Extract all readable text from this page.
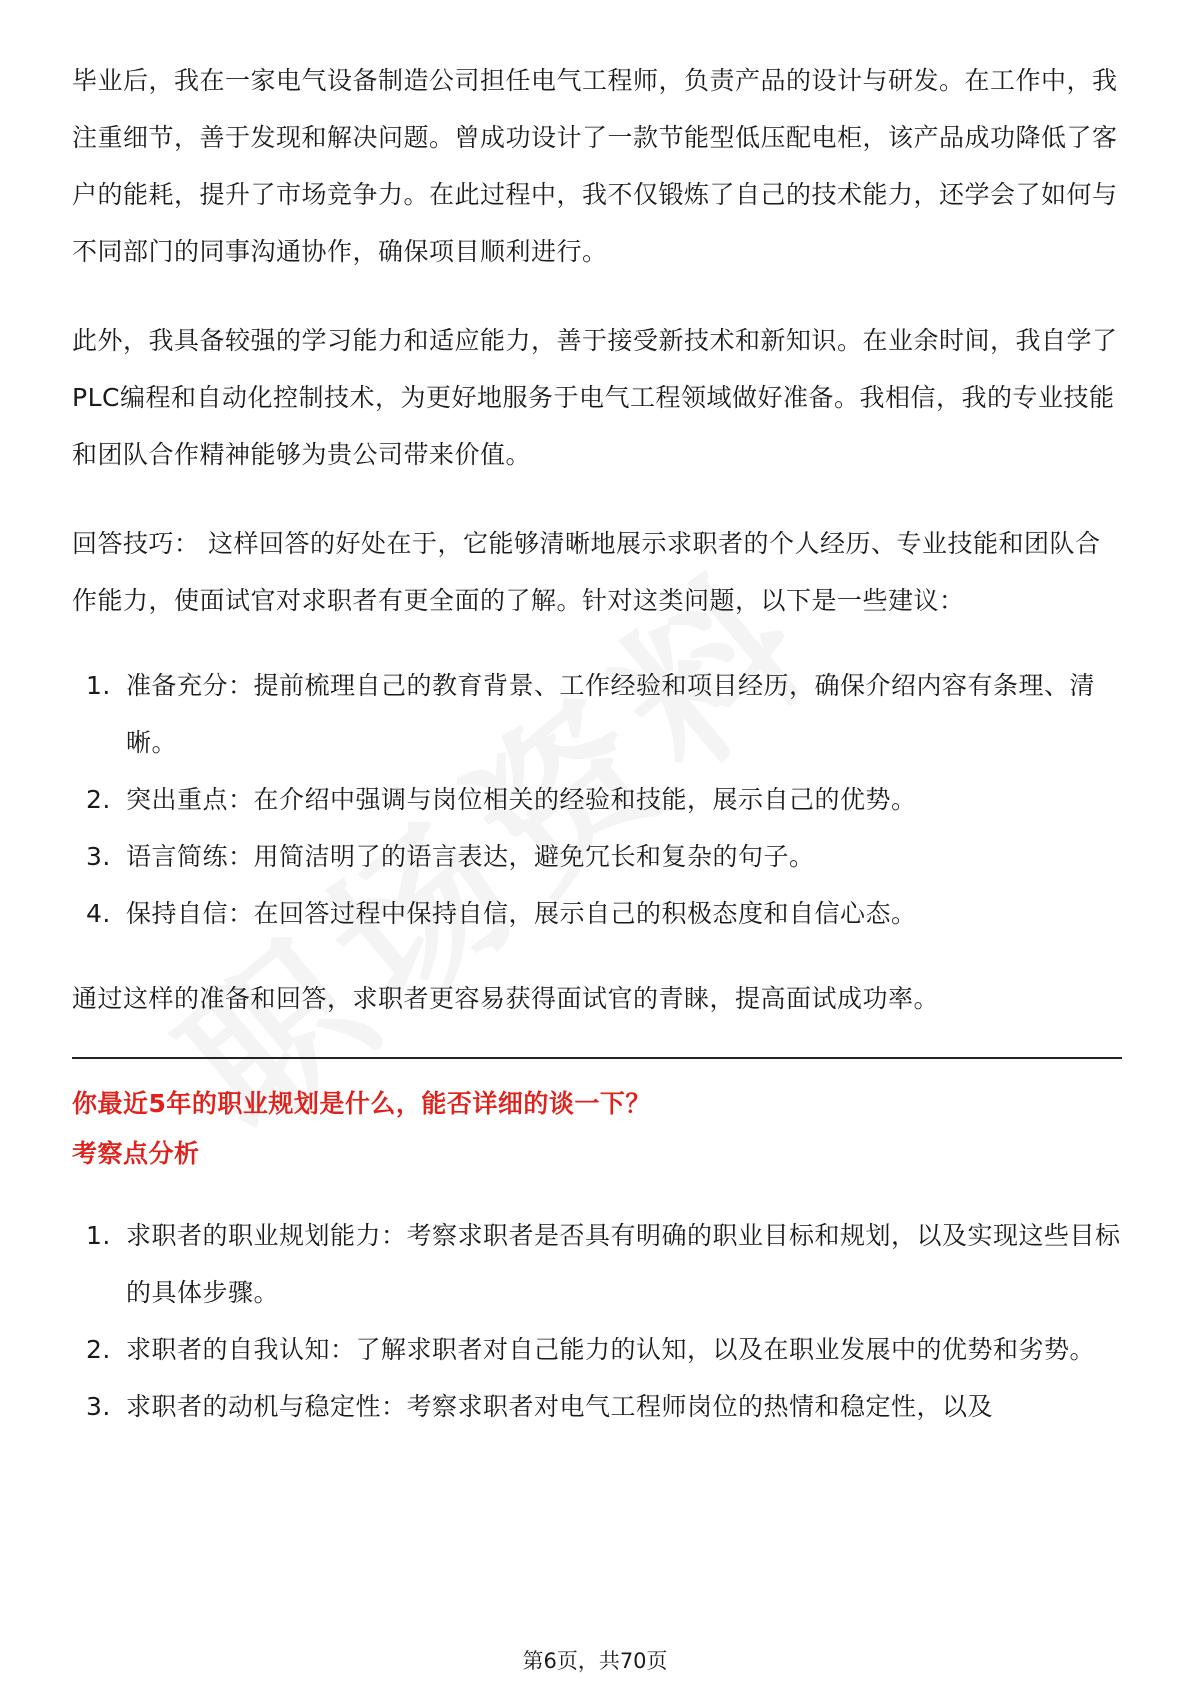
毕业后，我在一家电气设备制造公司担任电气工程师，负责产品的设计与研发。在工作中，我注重细节，善于发现和解决问题。曾成功设计了一款节能型低压配电柜，该产品成功降低了客户的能耗，提升了市场竞争力。在此过程中，我不仅锻炼了自己的技术能力，还学会了如何与不同部门的同事沟通协作，确保项目顺利进行。

此外，我具备较强的学习能力和适应能力，善于接受新技术和新知识。在业余时间，我自学了PLC编程和自动化控制技术，为更好地服务于电气工程领域做好准备。我相信，我的专业技能和团队合作精神能够为贵公司带来价值。

回答技巧： 这样回答的好处在于，它能够清晰地展示求职者的个人经历、专业技能和团队合作能力，使面试官对求职者有更全面的了解。针对这类问题，以下是一些建议：

1. 准备充分：提前梳理自己的教育背景、工作经验和项目经历，确保介绍内容有条理、清晰。
2. 突出重点：在介绍中强调与岗位相关的经验和技能，展示自己的优势。
3. 语言简练：用简洁明了的语言表达，避免冗长和复杂的句子。
4. 保持自信：在回答过程中保持自信，展示自己的积极态度和自信心态。

通过这样的准备和回答，求职者更容易获得面试官的青睐，提高面试成功率。

你最近5年的职业规划是什么，能否详细的谈一下？

考察点分析

1. 求职者的职业规划能力：考察求职者是否具有明确的职业目标和规划，以及实现这些目标的具体步骤。
2. 求职者的自我认知：了解求职者对自己能力的认知，以及在职业发展中的优势和劣势。
3. 求职者的动机与稳定性：考察求职者对电气工程师岗位的热情和稳定性，以及
第6页，共70页
